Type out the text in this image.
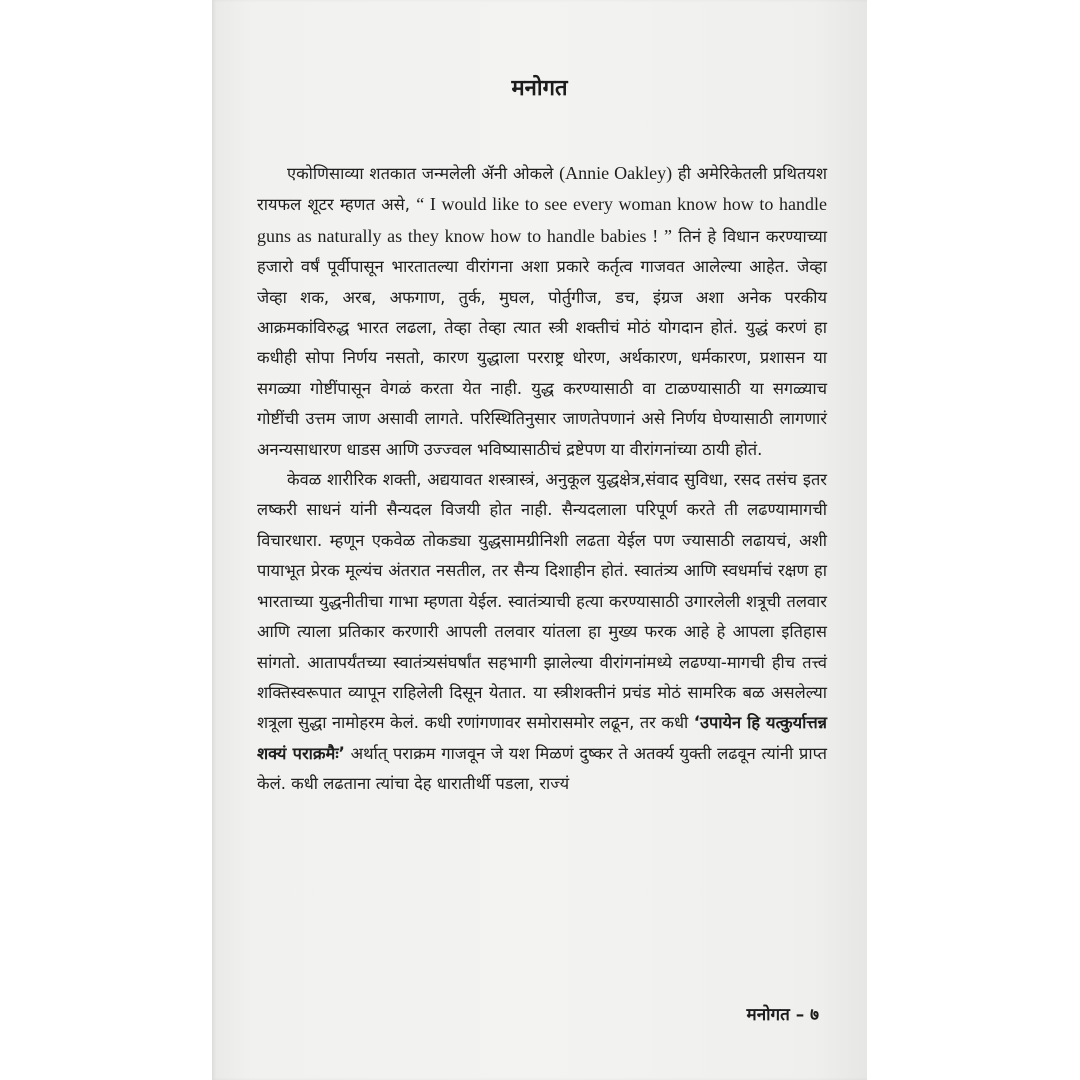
मनोगत

एकोणिसाव्या शतकात जन्मलेली ॲनी ओकले (Annie Oakley) ही अमेरिकेतली प्रथितयश रायफल शूटर म्हणत असे, “ I would like to see every woman know how to handle guns as naturally as they know how to handle babies ! ” तिनं हे विधान करण्याच्या हजारो वर्षं पूर्वीपासून भारतातल्या वीरांगना अशा प्रकारे कर्तृत्व गाजवत आलेल्या आहेत. जेव्हा जेव्हा शक, अरब, अफगाण, तुर्क, मुघल, पोर्तुगीज, डच, इंग्रज अशा अनेक परकीय आक्रमकांविरुद्ध भारत लढला, तेव्हा तेव्हा त्यात स्त्री शक्तीचं मोठं योगदान होतं. युद्धं करणं हा कधीही सोपा निर्णय नसतो, कारण युद्धाला परराष्ट्र धोरण, अर्थकारण, धर्मकारण, प्रशासन या सगळ्या गोष्टींपासून वेगळं करता येत नाही. युद्ध करण्यासाठी वा टाळण्यासाठी या सगळ्याच गोष्टींची उत्तम जाण असावी लागते. परिस्थितिनुसार जाणतेपणानं असे निर्णय घेण्यासाठी लागणारं अनन्यसाधारण धाडस आणि उज्ज्वल भविष्यासाठीचं द्रष्टेपण या वीरांगनांच्या ठायी होतं.

केवळ शारीरिक शक्ती, अद्ययावत शस्त्रास्त्रं, अनुकूल युद्धक्षेत्र,संवाद सुविधा, रसद तसंच इतर लष्करी साधनं यांनी सैन्यदल विजयी होत नाही. सैन्यदलाला परिपूर्ण करते ती लढण्यामागची विचारधारा. म्हणून एकवेळ तोकड्या युद्धसामग्रीनिशी लढता येईल पण ज्यासाठी लढायचं, अशी पायाभूत प्रेरक मूल्यंच अंतरात नसतील, तर सैन्य दिशाहीन होतं. स्वातंत्र्य आणि स्वधर्माचं रक्षण हा भारताच्या युद्धनीतीचा गाभा म्हणता येईल. स्वातंत्र्याची हत्या करण्यासाठी उगारलेली शत्रूची तलवार आणि त्याला प्रतिकार करणारी आपली तलवार यांतला हा मुख्य फरक आहे हे आपला इतिहास सांगतो. आतापर्यंतच्या स्वातंत्र्यसंघर्षांत सहभागी झालेल्या वीरांगनांमध्ये लढण्या-मागची हीच तत्त्वं शक्तिस्वरूपात व्यापून राहिलेली दिसून येतात. या स्त्रीशक्तीनं प्रचंड मोठं सामरिक बळ असलेल्या शत्रूला सुद्धा नामोहरम केलं. कधी रणांगणावर समोरासमोर लढून, तर कधी ‘उपायेन हि यत्कुर्यात्तन्न शक्यं पराक्रमैः’ अर्थात् पराक्रम गाजवून जे यश मिळणं दुष्कर ते अतर्क्य युक्ती लढवून त्यांनी प्राप्त केलं. कधी लढताना त्यांचा देह धारातीर्थी पडला, राज्यं

मनोगत – ७
